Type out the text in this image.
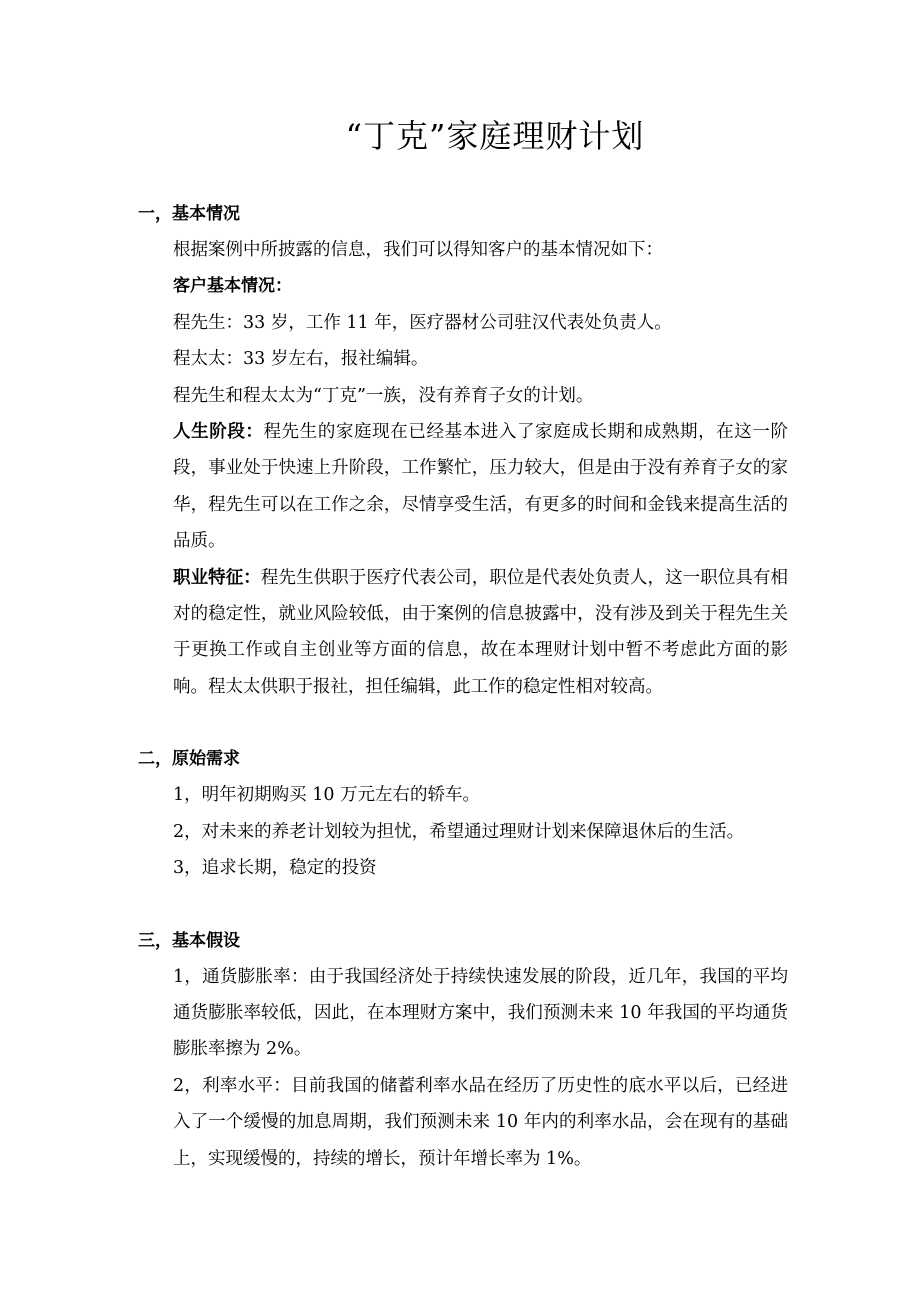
“丁克”家庭理财计划
一，基本情况
根据案例中所披露的信息，我们可以得知客户的基本情况如下：
客户基本情况：
程先生：33 岁，工作 11 年，医疗器材公司驻汉代表处负责人。
程太太：33 岁左右，报社编辑。
程先生和程太太为“丁克”一族，没有养育子女的计划。
人生阶段：程先生的家庭现在已经基本进入了家庭成长期和成熟期，在这一阶段，事业处于快速上升阶段，工作繁忙，压力较大，但是由于没有养育子女的家华，程先生可以在工作之余，尽情享受生活，有更多的时间和金钱来提高生活的品质。
职业特征：程先生供职于医疗代表公司，职位是代表处负责人，这一职位具有相对的稳定性，就业风险较低，由于案例的信息披露中，没有涉及到关于程先生关于更换工作或自主创业等方面的信息，故在本理财计划中暂不考虑此方面的影响。程太太供职于报社，担任编辑，此工作的稳定性相对较高。
二，原始需求
1，明年初期购买 10 万元左右的轿车。
2，对未来的养老计划较为担忧，希望通过理财计划来保障退休后的生活。
3，追求长期，稳定的投资
三，基本假设
1，通货膨胀率：由于我国经济处于持续快速发展的阶段，近几年，我国的平均通货膨胀率较低，因此，在本理财方案中，我们预测未来 10 年我国的平均通货膨胀率擦为 2%。
2，利率水平：目前我国的储蓄利率水品在经历了历史性的底水平以后，已经进入了一个缓慢的加息周期，我们预测未来 10 年内的利率水品，会在现有的基础上，实现缓慢的，持续的增长，预计年增长率为 1%。
